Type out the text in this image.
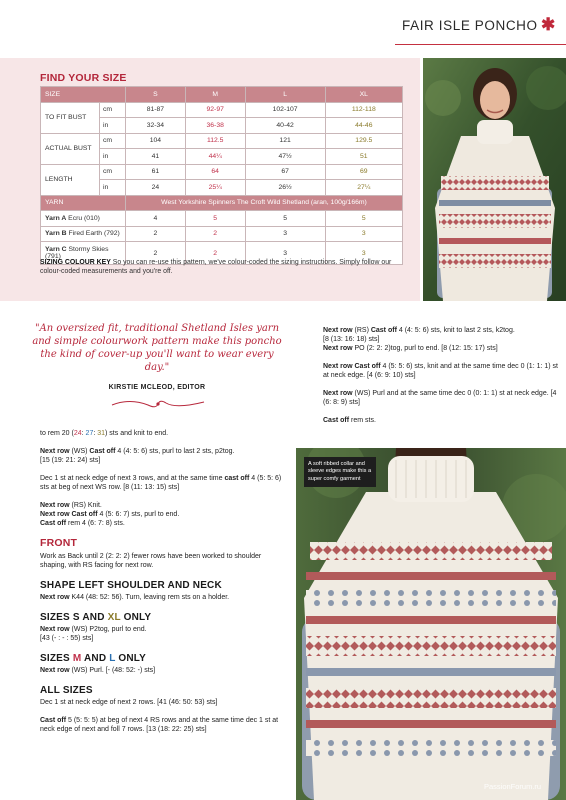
FAIR ISLE PONCHO ✱
FIND YOUR SIZE
SIZE		S	M	L	XL
TO FIT BUST	cm	81-87	92-97	102-107	112-118
	in	32-34	36-38	40-42	44-46
ACTUAL BUST	cm	104	112.5	121	129.5
	in	41	44¼	47½	51
LENGTH	cm	61	64	67	69
	in	24	25¼	26½	27¼
YARN		West Yorkshire Spinners The Croft Wild Shetland (aran, 100g/166m)			
Yarn A Ecru (010)		4	5	5	5
Yarn B Fired Earth (792)		2	2	3	3
Yarn C Stormy Skies (791)		2	2	3	3
SIZING COLOUR KEY So you can re-use this pattern, we've colour-coded the sizing instructions. Simply follow our colour-coded measurements and you're off.
"An oversized fit, traditional Shetland Isles yarn and simple colourwork pattern make this poncho the kind of cover-up you'll want to wear every day."
KIRSTIE MCLEOD, EDITOR

to rem 20 (24: 27: 31) sts and knit to end.

Next row (WS) Cast off 4 (4: 5: 6) sts, purl to last 2 sts, p2tog.
[15 (19: 21: 24) sts]

Dec 1 st at neck edge of next 3 rows, and at the same time cast off 4 (5: 5: 6) sts at beg of next WS row. [8 (11: 13: 15) sts]

Next row (RS) Knit.
Next row Cast off 4 (5: 6: 7) sts, purl to end.
Cast off rem 4 (6: 7: 8) sts.

FRONT

Work as Back until 2 (2: 2: 2) fewer rows have been worked to shoulder shaping, with RS facing for next row.

SHAPE LEFT SHOULDER AND NECK

Next row K44 (48: 52: 56). Turn, leaving rem sts on a holder.

SIZES S AND XL ONLY

Next row (WS) P2tog, purl to end.
[43 (- : - : 55) sts]

SIZES M AND L ONLY

Next row (WS) Purl. [- (48: 52: -) sts]

ALL SIZES

Dec 1 st at neck edge of next 2 rows. [41 (46: 50: 53) sts]

Cast off 5 (5: 5: 5) at beg of next 4 RS rows and at the same time dec 1 st at neck edge of next and foll 7 rows. [13 (18: 22: 25) sts]

Next row (RS) Cast off 4 (4: 5: 6) sts, knit to last 2 sts, k2tog.
[8 (13: 16: 18) sts]
Next row PO (2: 2: 2)tog, purl to end. [8 (12: 15: 17) sts]

Next row Cast off 4 (5: 5: 6) sts, knit and at the same time dec 0 (1: 1: 1) st at neck edge. [4 (6: 9: 10) sts]

Next row (WS) Purl and at the same time dec 0 (0: 1: 1) st at neck edge. [4 (6: 8: 9) sts]

Cast off rem sts.

A soft ribbed collar and sleeve edges make this a super comfy garment
PassionForum.ru
